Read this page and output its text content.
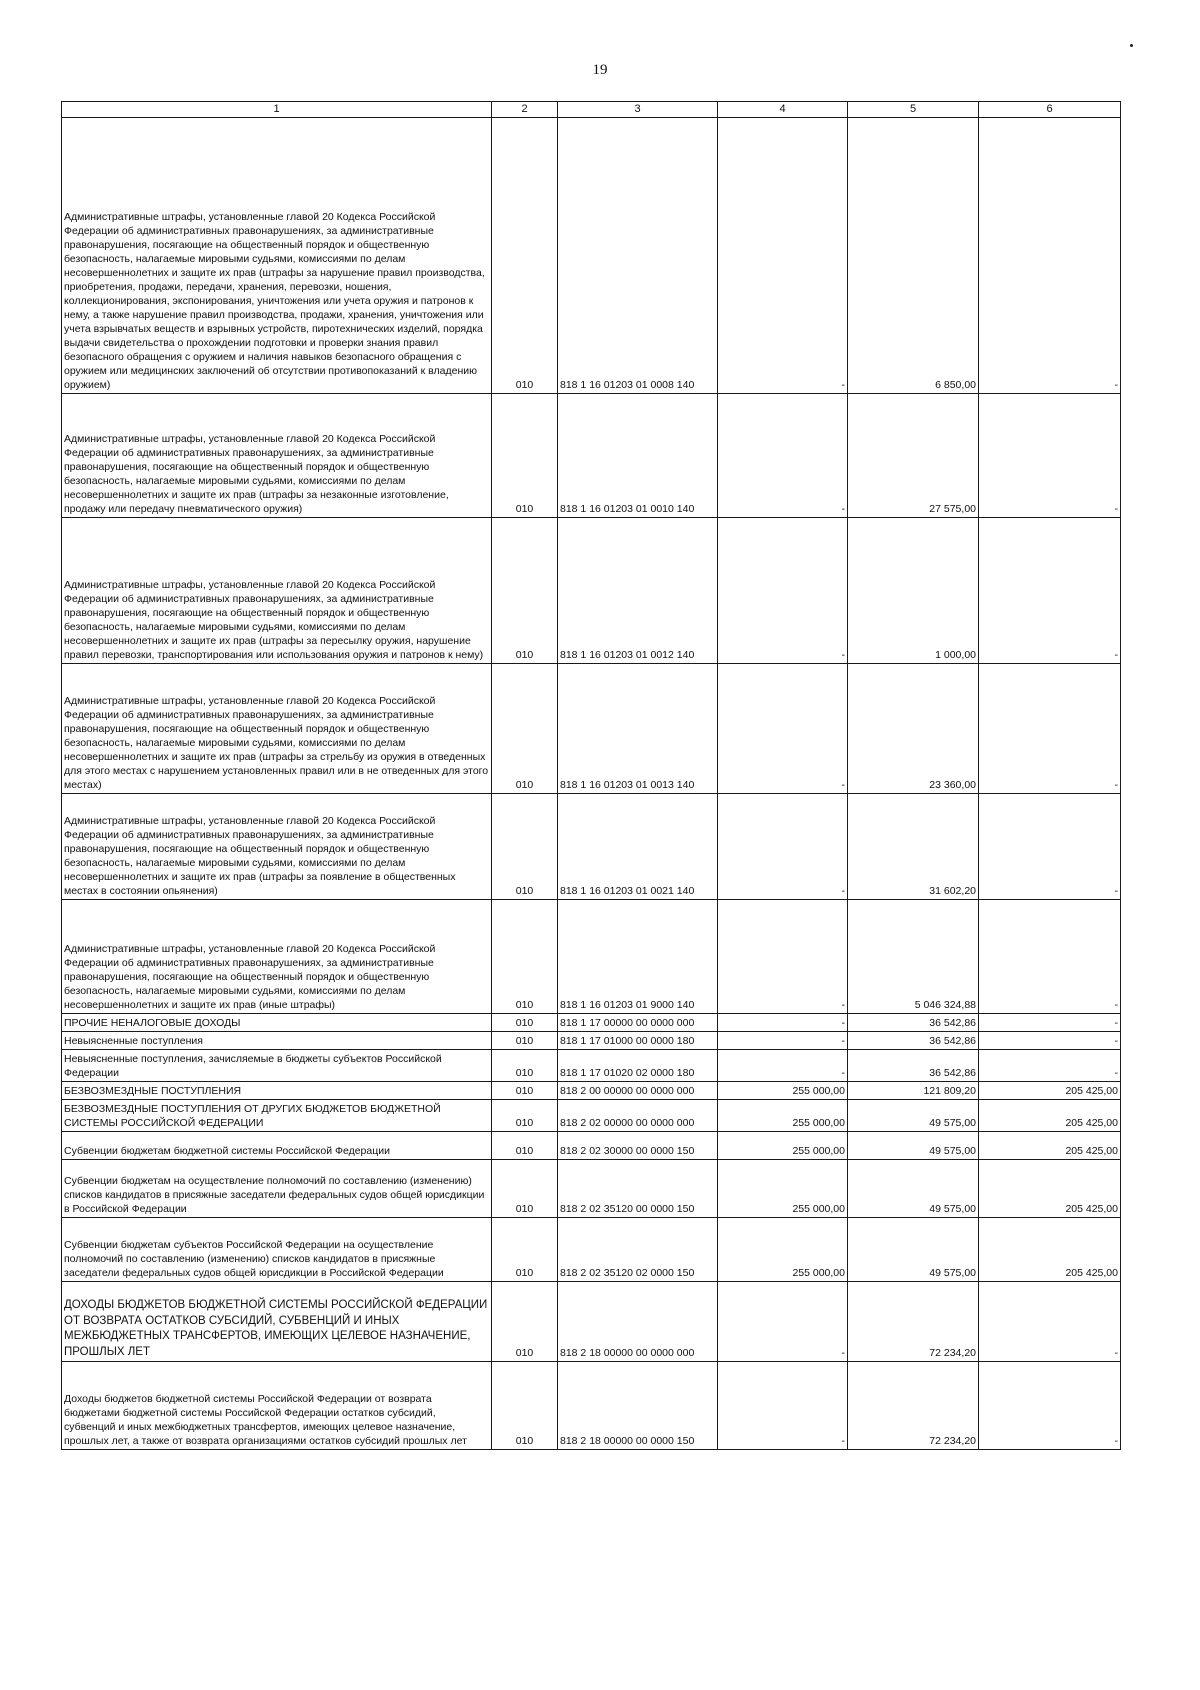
19
1	2	3	4	5	6
Административные штрафы, установленные главой 20 Кодекса Российской Федерации об административных правонарушениях, за административные правонарушения, посягающие на общественный порядок и общественную безопасность, налагаемые мировыми судьями, комиссиями по делам несовершеннолетних и защите их прав (штрафы за нарушение правил производства, приобретения, продажи, передачи, хранения, перевозки, ношения, коллекционирования, экспонирования, уничтожения или учета оружия и патронов к нему, а также нарушение правил производства, продажи, хранения, уничтожения или учета взрывчатых веществ и взрывных устройств, пиротехнических изделий, порядка выдачи свидетельства о прохождении подготовки и проверки знания правил безопасного обращения с оружием и наличия навыков безопасного обращения с оружием или медицинских заключений об отсутствии противопоказаний к владению оружием)	010	818 1 16 01203 01 0008 140	-	6 850,00	-
Административные штрафы, установленные главой 20 Кодекса Российской Федерации об административных правонарушениях, за административные правонарушения, посягающие на общественный порядок и общественную безопасность, налагаемые мировыми судьями, комиссиями по делам несовершеннолетних и защите их прав (штрафы за незаконные изготовление, продажу или передачу пневматического оружия)	010	818 1 16 01203 01 0010 140	-	27 575,00	-
Административные штрафы, установленные главой 20 Кодекса Российской Федерации об административных правонарушениях, за административные правонарушения, посягающие на общественный порядок и общественную безопасность, налагаемые мировыми судьями, комиссиями по делам несовершеннолетних и защите их прав (штрафы за пересылку оружия, нарушение правил перевозки, транспортирования или использования оружия и патронов к нему)	010	818 1 16 01203 01 0012 140	-	1 000,00	-
Административные штрафы, установленные главой 20 Кодекса Российской Федерации об административных правонарушениях, за административные правонарушения, посягающие на общественный порядок и общественную безопасность, налагаемые мировыми судьями, комиссиями по делам несовершеннолетних и защите их прав (штрафы за стрельбу из оружия в отведенных для этого местах с нарушением установленных правил или в не отведенных для этого местах)	010	818 1 16 01203 01 0013 140	-	23 360,00	-
Административные штрафы, установленные главой 20 Кодекса Российской Федерации об административных правонарушениях, за административные правонарушения, посягающие на общественный порядок и общественную безопасность, налагаемые мировыми судьями, комиссиями по делам несовершеннолетних и защите их прав (штрафы за появление в общественных местах в состоянии опьянения)	010	818 1 16 01203 01 0021 140	-	31 602,20	-
Административные штрафы, установленные главой 20 Кодекса Российской Федерации об административных правонарушениях, за административные правонарушения, посягающие на общественный порядок и общественную безопасность, налагаемые мировыми судьями, комиссиями по делам несовершеннолетних и защите их прав (иные штрафы)	010	818 1 16 01203 01 9000 140	-	5 046 324,88	-
ПРОЧИЕ НЕНАЛОГОВЫЕ ДОХОДЫ	010	818 1 17 00000 00 0000 000	-	36 542,86	-
Невыясненные поступления	010	818 1 17 01000 00 0000 180	-	36 542,86	-
Невыясненные поступления, зачисляемые в бюджеты субъектов Российской Федерации	010	818 1 17 01020 02 0000 180	-	36 542,86	-
БЕЗВОЗМЕЗДНЫЕ ПОСТУПЛЕНИЯ	010	818 2 00 00000 00 0000 000	255 000,00	121 809,20	205 425,00
БЕЗВОЗМЕЗДНЫЕ ПОСТУПЛЕНИЯ ОТ ДРУГИХ БЮДЖЕТОВ БЮДЖЕТНОЙ СИСТЕМЫ РОССИЙСКОЙ ФЕДЕРАЦИИ	010	818 2 02 00000 00 0000 000	255 000,00	49 575,00	205 425,00
Субвенции бюджетам бюджетной системы Российской Федерации	010	818 2 02 30000 00 0000 150	255 000,00	49 575,00	205 425,00
Субвенции бюджетам на осуществление полномочий по составлению (изменению) списков кандидатов в присяжные заседатели федеральных судов общей юрисдикции в Российской Федерации	010	818 2 02 35120 00 0000 150	255 000,00	49 575,00	205 425,00
Субвенции бюджетам субъектов Российской Федерации на осуществление полномочий по составлению (изменению) списков кандидатов в присяжные заседатели федеральных судов общей юрисдикции в Российской Федерации	010	818 2 02 35120 02 0000 150	255 000,00	49 575,00	205 425,00
ДОХОДЫ БЮДЖЕТОВ БЮДЖЕТНОЙ СИСТЕМЫ РОССИЙСКОЙ ФЕДЕРАЦИИ ОТ ВОЗВРАТА ОСТАТКОВ СУБСИДИЙ, СУБВЕНЦИЙ И ИНЫХ МЕЖБЮДЖЕТНЫХ ТРАНСФЕРТОВ, ИМЕЮЩИХ ЦЕЛЕВОЕ НАЗНАЧЕНИЕ, ПРОШЛЫХ ЛЕТ	010	818 2 18 00000 00 0000 000	-	72 234,20	-
Доходы бюджетов бюджетной системы Российской Федерации от возврата бюджетами бюджетной системы Российской Федерации остатков субсидий, субвенций и иных межбюджетных трансфертов, имеющих целевое назначение, прошлых лет, а также от возврата организациями остатков субсидий прошлых лет	010	818 2 18 00000 00 0000 150	-	72 234,20	-
